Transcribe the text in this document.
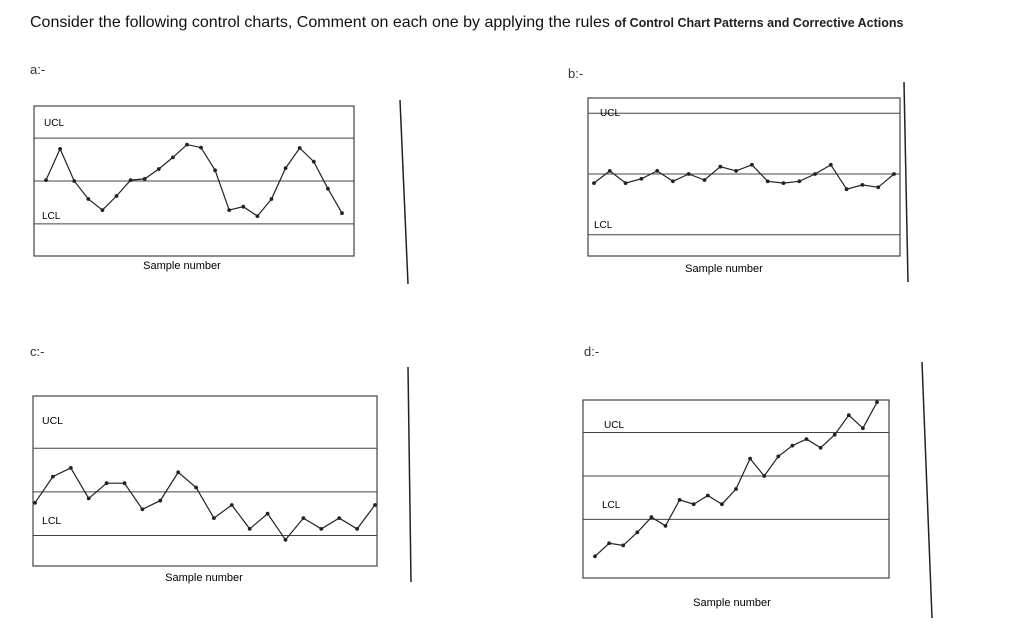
Consider the following control charts, Comment on each one by applying the rules of Control Chart Patterns and Corrective Actions
a:-	b:-
c:-	d:-
UCL
LCL
Sample number
UCL
LCL
Sample number
UCL
LCL
Sample number
UCL
LCL
Sample number
